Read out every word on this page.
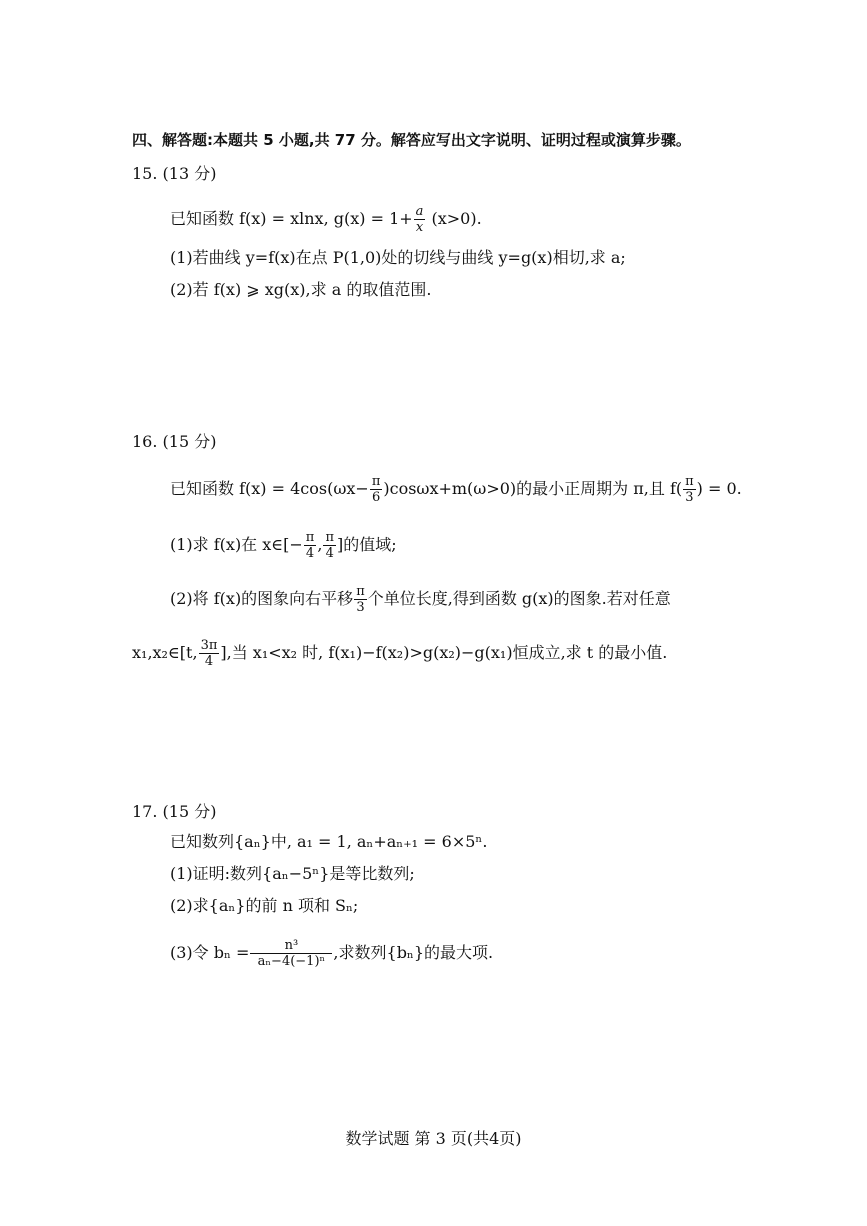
四、解答题:本题共 5 小题,共 77 分。解答应写出文字说明、证明过程或演算步骤。
15. (13 分)
已知函数 f(x) = xlnx, $g(x) = 1+ \frac{a}{x} (x>0)$.
(1)若曲线 y=f(x)在点 P(1,0)处的切线与曲线 y=g(x)相切,求 a;
(2)若 f(x) ⩾ xg(x),求 a 的取值范围.
16. (15 分)
已知函数 $f(x) = 4\cos(\omega x- \frac{\pi}{6} )\cos\omega x+m(\omega>0)$的最小正周期为 π,且 $f( \frac{\pi}{3}$ ) = 0.
(1)求 f(x)在 x∈[− $\frac{\pi}{4}$ , $\frac{\pi}{4}$ ]的值域;
(2)将 f(x)的图象向右平移 $\frac{\pi}{3}$ 个单位长度,得到函数 g(x)的图象.若对任意
x₁,x₂∈[t, $\frac{3\pi}{4}$ ],当 x₁<x₂ 时, f(x₁)−f(x₂)>g(x₂)−g(x₁)恒成立,求 t 的最小值.
17. (15 分)
已知数列{aₙ}中, a₁ = 1, aₙ+aₙ₊₁ = 6×5ⁿ.
(1)证明:数列{aₙ−5ⁿ}是等比数列;
(2)求{aₙ}的前 n 项和 Sₙ;
(3)令 $b_n = \frac{\text{n³}}{\text{aₙ−4(−1)ⁿ}}$ ,求数列{bₙ}的最大项.
数学试题 第 3 页(共4页)
